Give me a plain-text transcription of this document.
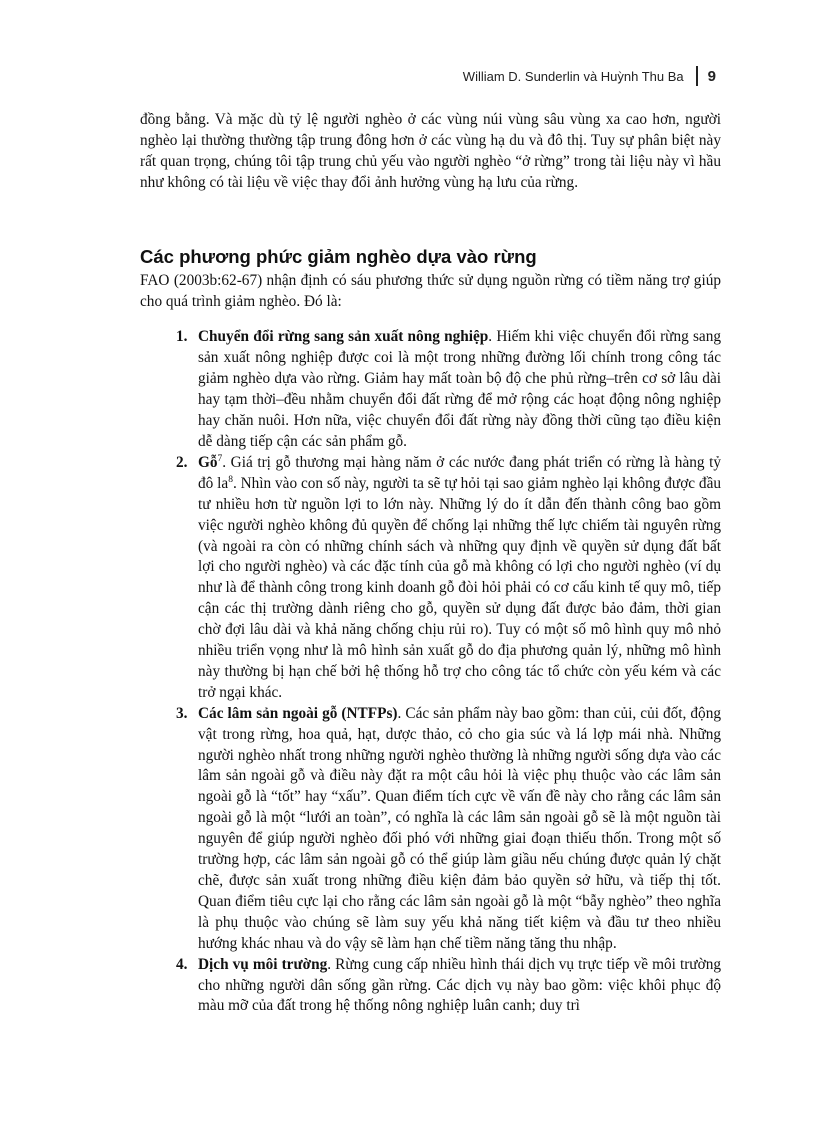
William D. Sunderlin và Huỳnh Thu Ba 9

đồng bằng. Và mặc dù tỷ lệ người nghèo ở các vùng núi vùng sâu vùng xa cao hơn, người nghèo lại thường thường tập trung đông hơn ở các vùng hạ du và đô thị. Tuy sự phân biệt này rất quan trọng, chúng tôi tập trung chủ yếu vào người nghèo “ở rừng” trong tài liệu này vì hầu như không có tài liệu về việc thay đổi ảnh hưởng vùng hạ lưu của rừng.

Các phương phức giảm nghèo dựa vào rừng

FAO (2003b:62-67) nhận định có sáu phương thức sử dụng nguồn rừng có tiềm năng trợ giúp cho quá trình giảm nghèo. Đó là:

1. Chuyển đổi rừng sang sản xuất nông nghiệp. Hiếm khi việc chuyển đổi rừng sang sản xuất nông nghiệp được coi là một trong những đường lối chính trong công tác giảm nghèo dựa vào rừng. Giảm hay mất toàn bộ độ che phủ rừng–trên cơ sở lâu dài hay tạm thời–đều nhằm chuyển đổi đất rừng để mở rộng các hoạt động nông nghiệp hay chăn nuôi. Hơn nữa, việc chuyển đổi đất rừng này đồng thời cũng tạo điều kiện dễ dàng tiếp cận các sản phẩm gỗ.
2. Gỗ$^7$. Giá trị gỗ thương mại hàng năm ở các nước đang phát triển có rừng là hàng tỷ đô $la^8$. Nhìn vào con số này, người ta sẽ tự hỏi tại sao giảm nghèo lại không được đầu tư nhiều hơn từ nguồn lợi to lớn này. Những lý do ít dẫn đến thành công bao gồm việc người nghèo không đủ quyền để chống lại những thế lực chiếm tài nguyên rừng (và ngoài ra còn có những chính sách và những quy định về quyền sử dụng đất bất lợi cho người nghèo) và các đặc tính của gỗ mà không có lợi cho người nghèo (ví dụ như là để thành công trong kinh doanh gỗ đòi hỏi phải có cơ cấu kinh tế quy mô, tiếp cận các thị trường dành riêng cho gỗ, quyền sử dụng đất được bảo đảm, thời gian chờ đợi lâu dài và khả năng chống chịu rủi ro). Tuy có một số mô hình quy mô nhỏ nhiều triển vọng như là mô hình sản xuất gỗ do địa phương quản lý, những mô hình này thường bị hạn chế bởi hệ thống hỗ trợ cho công tác tổ chức còn yếu kém và các trở ngại khác.
3. Các lâm sản ngoài gỗ (NTFPs). Các sản phẩm này bao gồm: than củi, củi đốt, động vật trong rừng, hoa quả, hạt, dược thảo, cỏ cho gia súc và lá lợp mái nhà. Những người nghèo nhất trong những người nghèo thường là những người sống dựa vào các lâm sản ngoài gỗ và điều này đặt ra một câu hỏi là việc phụ thuộc vào các lâm sản ngoài gỗ là “tốt” hay “xấu”. Quan điểm tích cực về vấn đề này cho rằng các lâm sản ngoài gỗ là một “lưới an toàn”, có nghĩa là các lâm sản ngoài gỗ sẽ là một nguồn tài nguyên để giúp người nghèo đối phó với những giai đoạn thiếu thốn. Trong một số trường hợp, các lâm sản ngoài gỗ có thể giúp làm giầu nếu chúng được quản lý chặt chẽ, được sản xuất trong những điều kiện đảm bảo quyền sở hữu, và tiếp thị tốt. Quan điểm tiêu cực lại cho rằng các lâm sản ngoài gỗ là một “bẫy nghèo” theo nghĩa là phụ thuộc vào chúng sẽ làm suy yếu khả năng tiết kiệm và đầu tư theo nhiều hướng khác nhau và do vậy sẽ làm hạn chế tiềm năng tăng thu nhập.
4. Dịch vụ môi trường. Rừng cung cấp nhiều hình thái dịch vụ trực tiếp về môi trường cho những người dân sống gần rừng. Các dịch vụ này bao gồm: việc khôi phục độ màu mỡ của đất trong hệ thống nông nghiệp luân canh; duy trì
